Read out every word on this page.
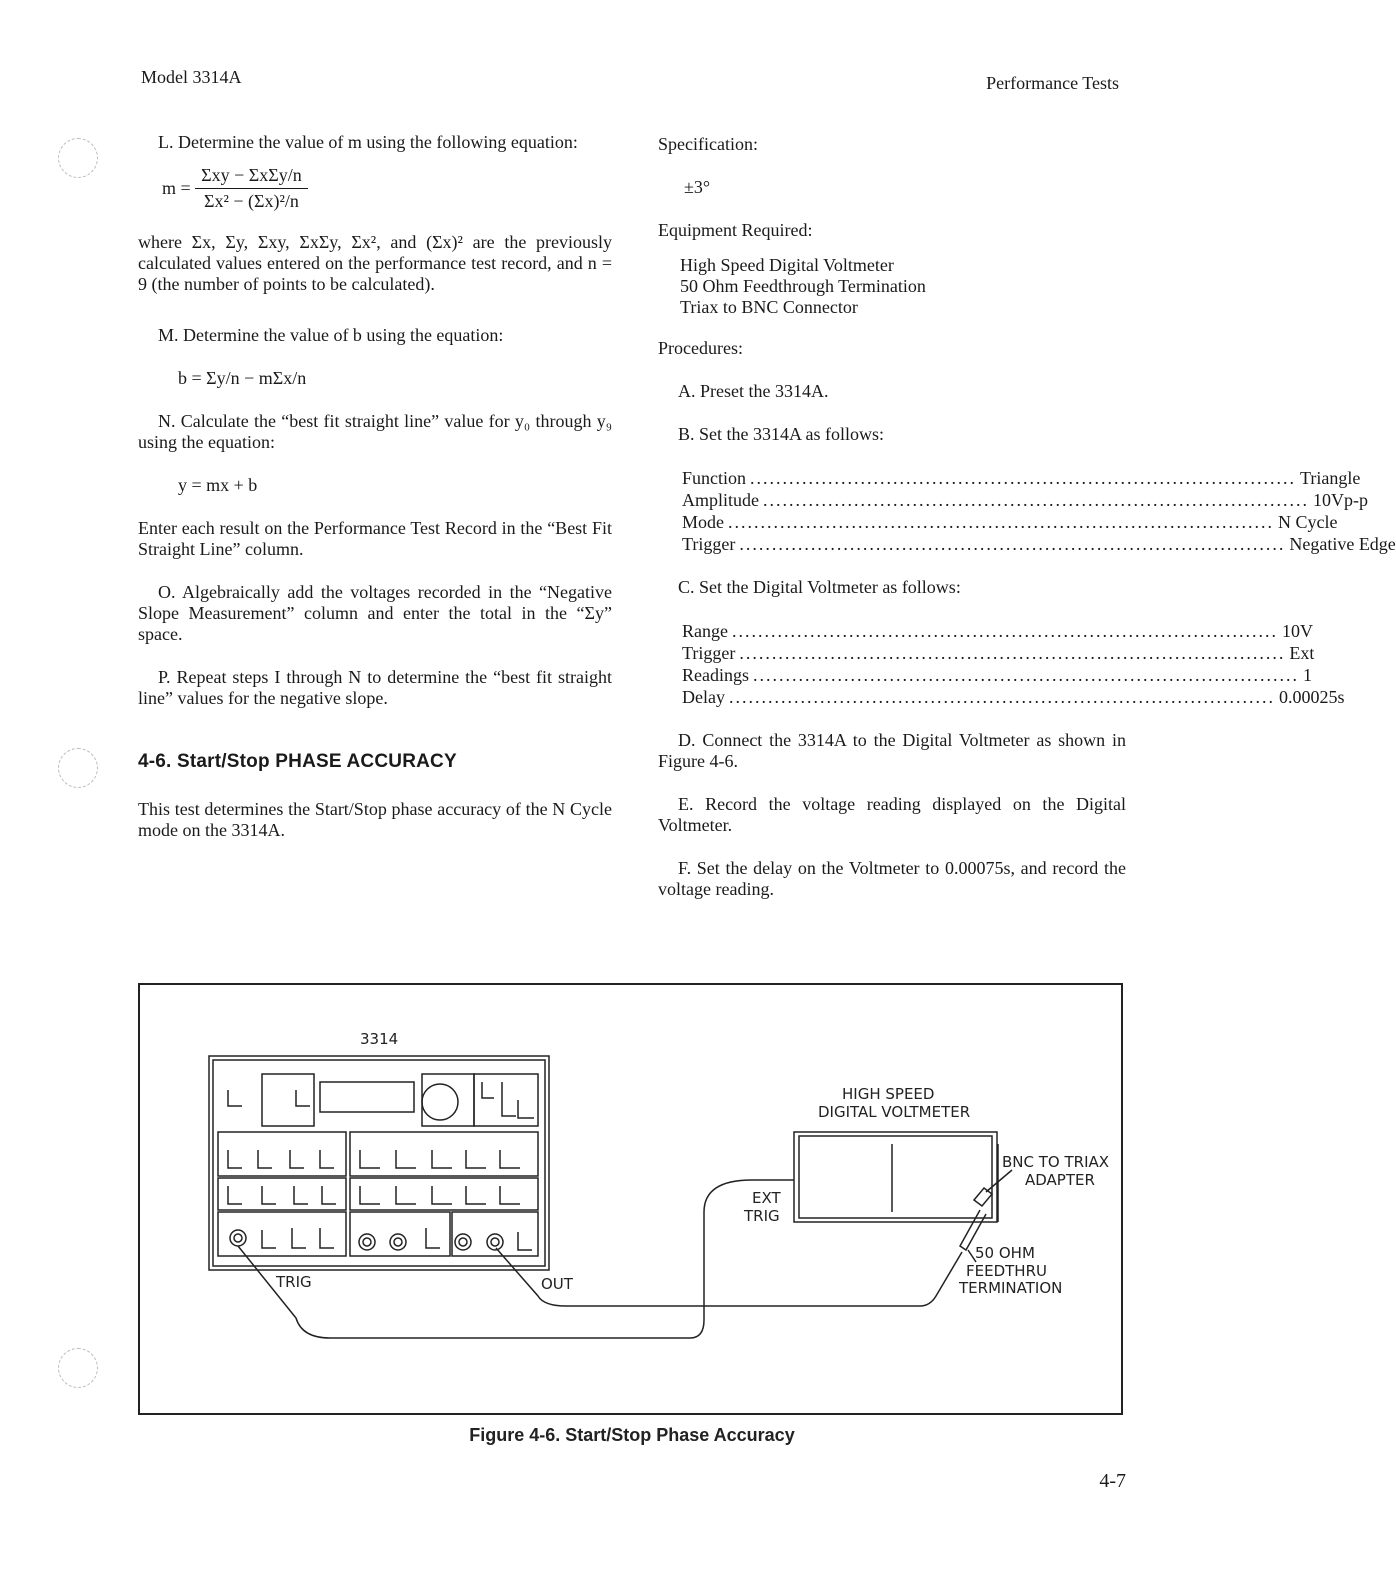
Model 3314A	Performance Tests
L. Determine the value of m using the following equation:
$m = \frac{\text{Σxy − ΣxΣy/n}}{\text{Σx² − (Σx)²/n}}$
where Σx, Σy, Σxy, ΣxΣy, Σx², and (Σx)² are the previously calculated values entered on the performance test record, and n = 9 (the number of points to be calculated).
M. Determine the value of b using the equation:
b = Σy/n − mΣx/n
N. Calculate the “best fit straight line” value for y₀ through y₉ using the equation:
y = mx + b
Enter each result on the Performance Test Record in the “Best Fit Straight Line” column.
O. Algebraically add the voltages recorded in the “Negative Slope Measurement” column and enter the total in the “Σy” space.
P. Repeat steps I through N to determine the “best fit straight line” values for the negative slope.
4-6. Start/Stop PHASE ACCURACY
This test determines the Start/Stop phase accuracy of the N Cycle mode on the 3314A.
Specification:
±3°
Equipment Required:
High Speed Digital Voltmeter
50 Ohm Feedthrough Termination
Triax to BNC Connector
Procedures:
A. Preset the 3314A.
B. Set the 3314A as follows:
Function .................................................................................... Triangle
Amplitude .................................................................................... 10Vp-p
Mode .................................................................................... N Cycle
Trigger .................................................................................... Negative Edge
C. Set the Digital Voltmeter as follows:
Range .................................................................................... 10V
Trigger .................................................................................... Ext
Readings .................................................................................... 1
Delay .................................................................................... 0.00025s
D. Connect the 3314A to the Digital Voltmeter as shown in Figure 4-6.
E. Record the voltage reading displayed on the Digital Voltmeter.
F. Set the delay on the Voltmeter to 0.00075s, and record the voltage reading.
3314
HIGH SPEED
DIGITAL VOLTMETER
EXT
TRIG
BNC TO TRIAX
ADAPTER
50 OHM
FEEDTHRU
TERMINATION
TRIG	OUT
Figure 4-6. Start/Stop Phase Accuracy
4-7
